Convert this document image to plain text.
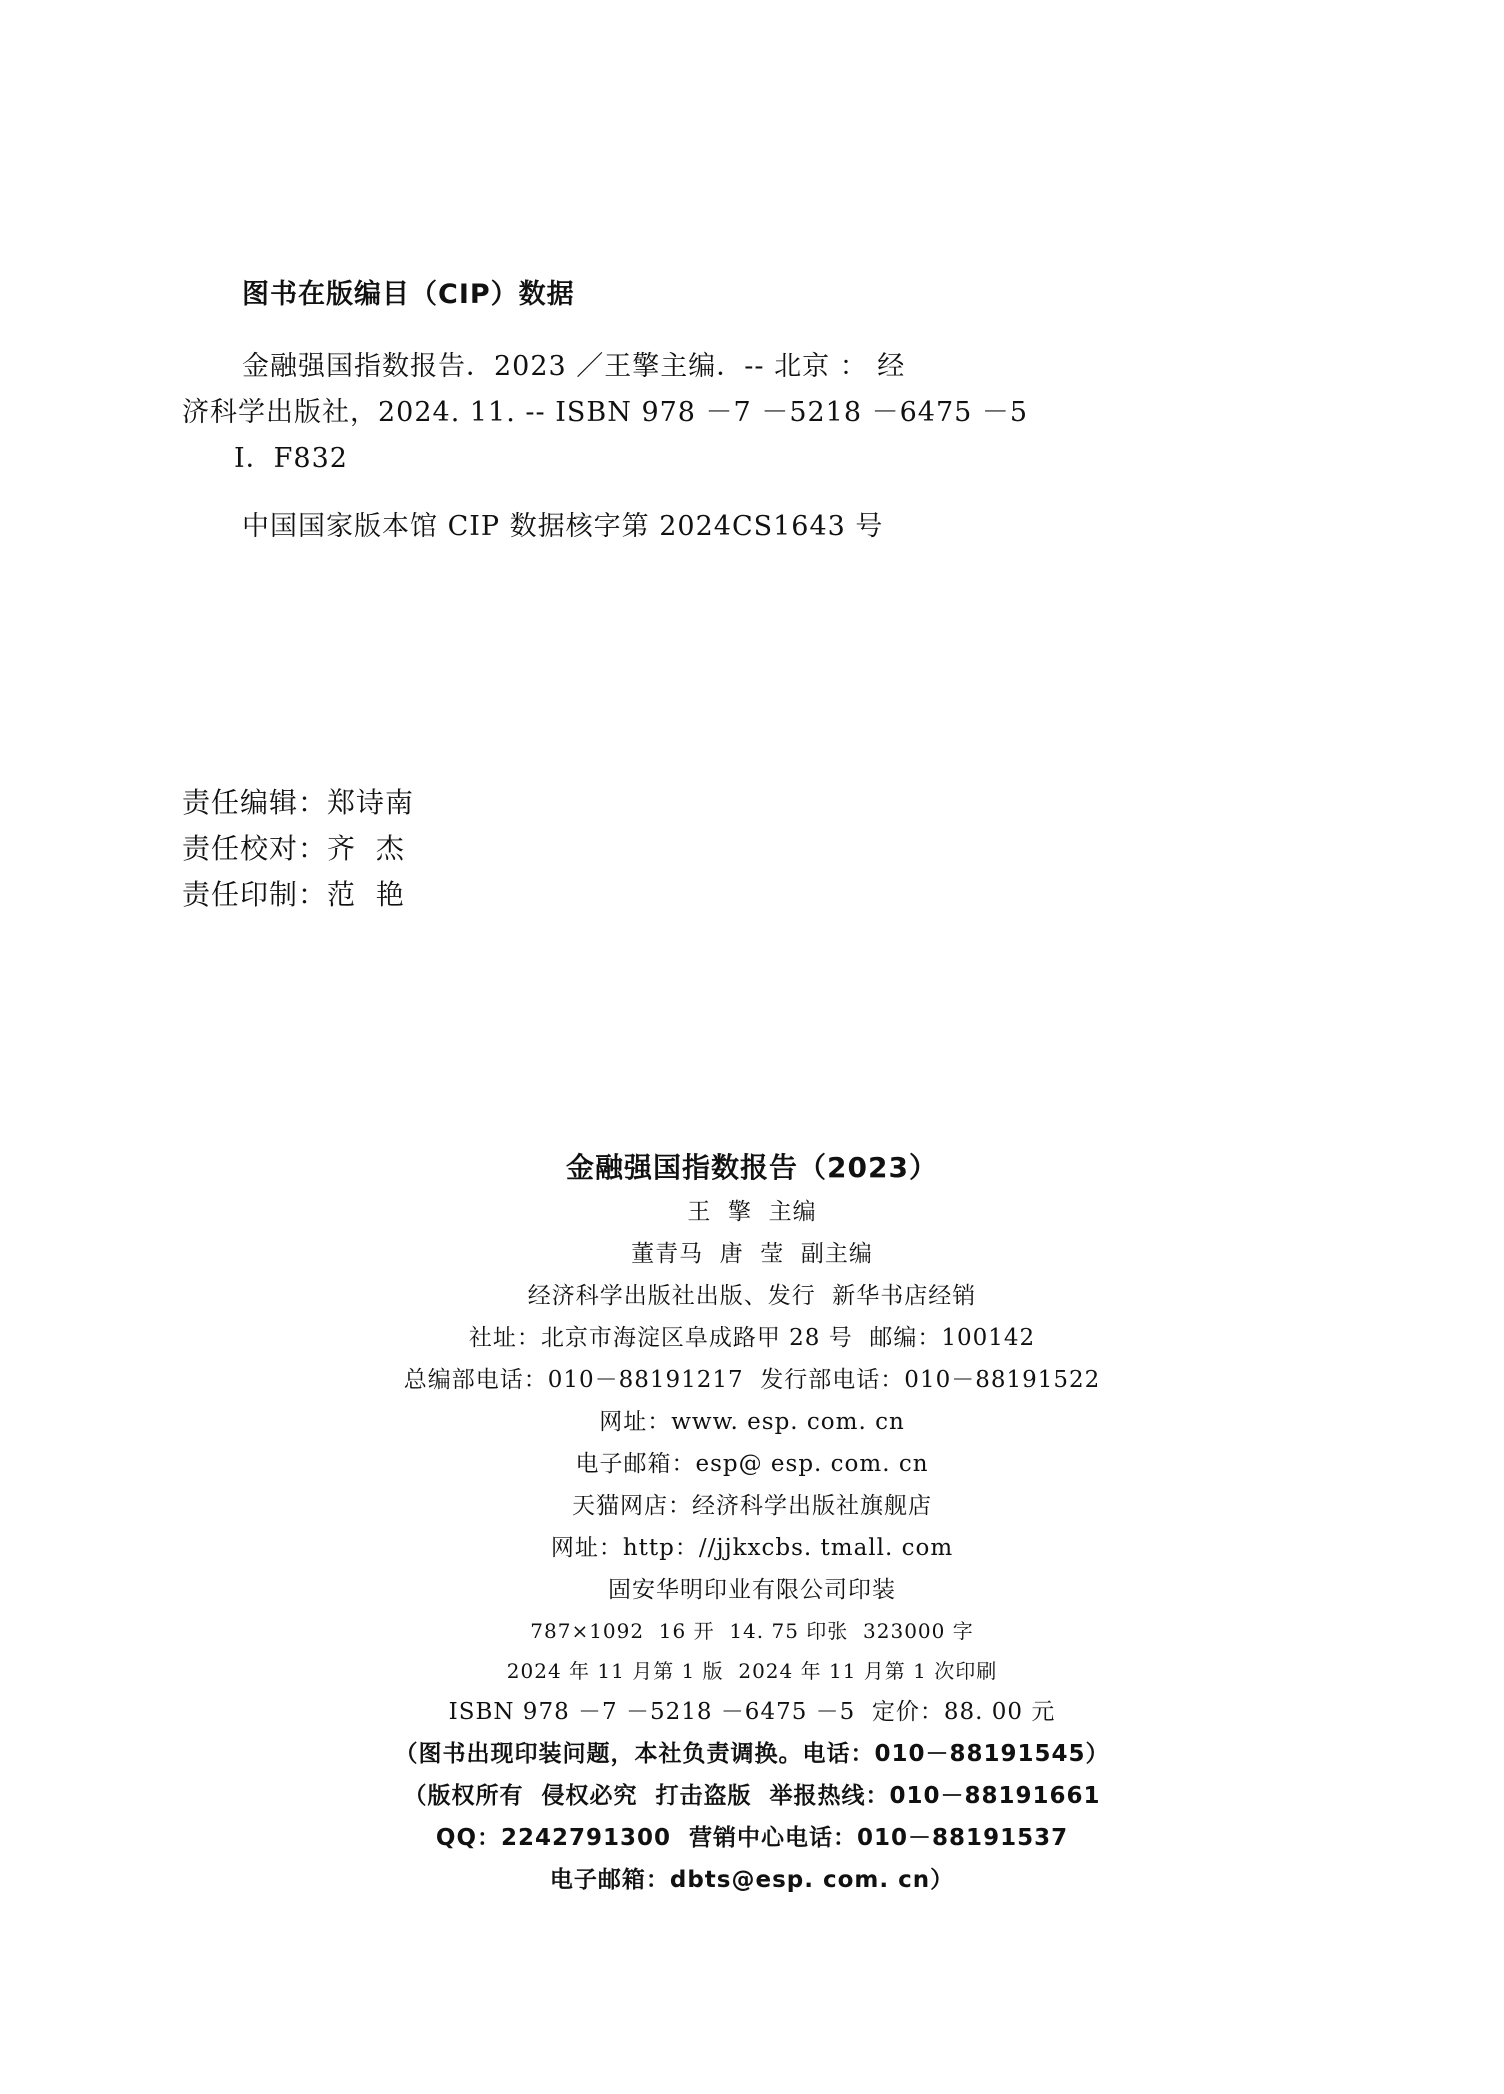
图书在版编目（CIP）数据
金融强国指数报告．2023 ／王擎主编．-- 北京 ： 经
济科学出版社，2024. 11. -- ISBN 978 －7 －5218 －6475 －5
Ⅰ．F832
中国国家版本馆 CIP 数据核字第 2024CS1643 号
责任编辑：郑诗南
责任校对：齐  杰
责任印制：范  艳
金融强国指数报告（2023）
王  擎  主编
董青马  唐  莹  副主编
经济科学出版社出版、发行  新华书店经销
社址：北京市海淀区阜成路甲 28 号  邮编：100142
总编部电话：010－88191217  发行部电话：010－88191522
网址：www. esp. com. cn
电子邮箱：esp@ esp. com. cn
天猫网店：经济科学出版社旗舰店
网址：http：//jjkxcbs. tmall. com
固安华明印业有限公司印装
787×1092  16 开  14. 75 印张  323000 字
2024 年 11 月第 1 版  2024 年 11 月第 1 次印刷
ISBN 978 －7 －5218 －6475 －5  定价：88. 00 元
（图书出现印装问题，本社负责调换。电话：010－88191545）
（版权所有  侵权必究  打击盗版  举报热线：010－88191661
QQ：2242791300  营销中心电话：010－88191537
电子邮箱：dbts@esp. com. cn）
